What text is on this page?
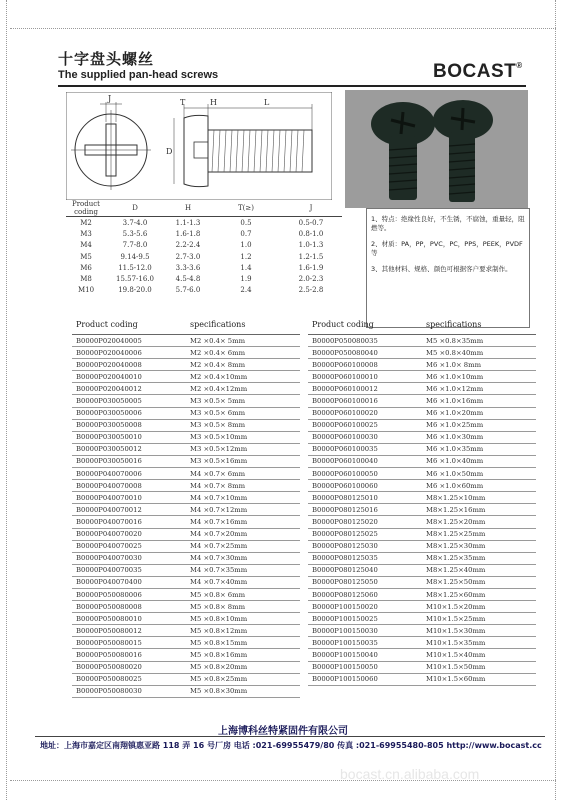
十字盘头螺丝
The supplied pan-head screws	BOCAST®
J	T	H	L
D
Product coding	D	H	T(≥)	J
M2	3.7-4.0	1.1-1.3	0.5	0.5-0.7
M3	5.3-5.6	1.6-1.8	0.7	0.8-1.0
M4	7.7-8.0	2.2-2.4	1.0	1.0-1.3
M5	9.14-9.5	2.7-3.0	1.2	1.2-1.5
M6	11.5-12.0	3.3-3.6	1.4	1.6-1.9
M8	15.57-16.0	4.5-4.8	1.9	2.0-2.3
M10	19.8-20.0	5.7-6.0	2.4	2.5-2.8

1、特点：绝缘性良好，不生锈，不腐蚀，重量轻，阻燃等。

2、材质：PA，PP，PVC，PC，PPS，PEEK，PVDF等

3、其他材料、规格、颜色可根据客户要求制作。

Product coding	specifications
B0000P020040005	M2 ×0.4× 5mm
B0000P020040006	M2 ×0.4× 6mm
B0000P020040008	M2 ×0.4× 8mm
B0000P020040010	M2 ×0.4×10mm
B0000P020040012	M2 ×0.4×12mm
B0000P030050005	M3 ×0.5× 5mm
B0000P030050006	M3 ×0.5× 6mm
B0000P030050008	M3 ×0.5× 8mm
B0000P030050010	M3 ×0.5×10mm
B0000P030050012	M3 ×0.5×12mm
B0000P030050016	M3 ×0.5×16mm
B0000P040070006	M4 ×0.7× 6mm
B0000P040070008	M4 ×0.7× 8mm
B0000P040070010	M4 ×0.7×10mm
B0000P040070012	M4 ×0.7×12mm
B0000P040070016	M4 ×0.7×16mm
B0000P040070020	M4 ×0.7×20mm
B0000P040070025	M4 ×0.7×25mm
B0000P040070030	M4 ×0.7×30mm
B0000P040070035	M4 ×0.7×35mm
B0000P040070400	M4 ×0.7×40mm
B0000P050080006	M5 ×0.8× 6mm
B0000P050080008	M5 ×0.8× 8mm
B0000P050080010	M5 ×0.8×10mm
B0000P050080012	M5 ×0.8×12mm
B0000P050080015	M5 ×0.8×15mm
B0000P050080016	M5 ×0.8×16mm
B0000P050080020	M5 ×0.8×20mm
B0000P050080025	M5 ×0.8×25mm
B0000P050080030	M5 ×0.8×30mm
Product coding	specifications
B0000P050080035	M5 ×0.8×35mm
B0000P050080040	M5 ×0.8×40mm
B0000P060100008	M6 ×1.0× 8mm
B0000P060100010	M6 ×1.0×10mm
B0000P060100012	M6 ×1.0×12mm
B0000P060100016	M6 ×1.0×16mm
B0000P060100020	M6 ×1.0×20mm
B0000P060100025	M6 ×1.0×25mm
B0000P060100030	M6 ×1.0×30mm
B0000P060100035	M6 ×1.0×35mm
B0000P060100040	M6 ×1.0×40mm
B0000P060100050	M6 ×1.0×50mm
B0000P060100060	M6 ×1.0×60mm
B0000P080125010	M8×1.25×10mm
B0000P080125016	M8×1.25×16mm
B0000P080125020	M8×1.25×20mm
B0000P080125025	M8×1.25×25mm
B0000P080125030	M8×1.25×30mm
B0000P080125035	M8×1.25×35mm
B0000P080125040	M8×1.25×40mm
B0000P080125050	M8×1.25×50mm
B0000P080125060	M8×1.25×60mm
B0000P100150020	M10×1.5×20mm
B0000P100150025	M10×1.5×25mm
B0000P100150030	M10×1.5×30mm
B0000P100150035	M10×1.5×35mm
B0000P100150040	M10×1.5×40mm
B0000P100150050	M10×1.5×50mm
B0000P100150060	M10×1.5×60mm
上海博科丝特紧固件有限公司
地址：上海市嘉定区南翔镇惠亚路 118 弄 16 号厂房 电话 :021-69955479/80 传真 :021-69955480-805 http://www.bocast.cc
bocast.cn.alibaba.com
